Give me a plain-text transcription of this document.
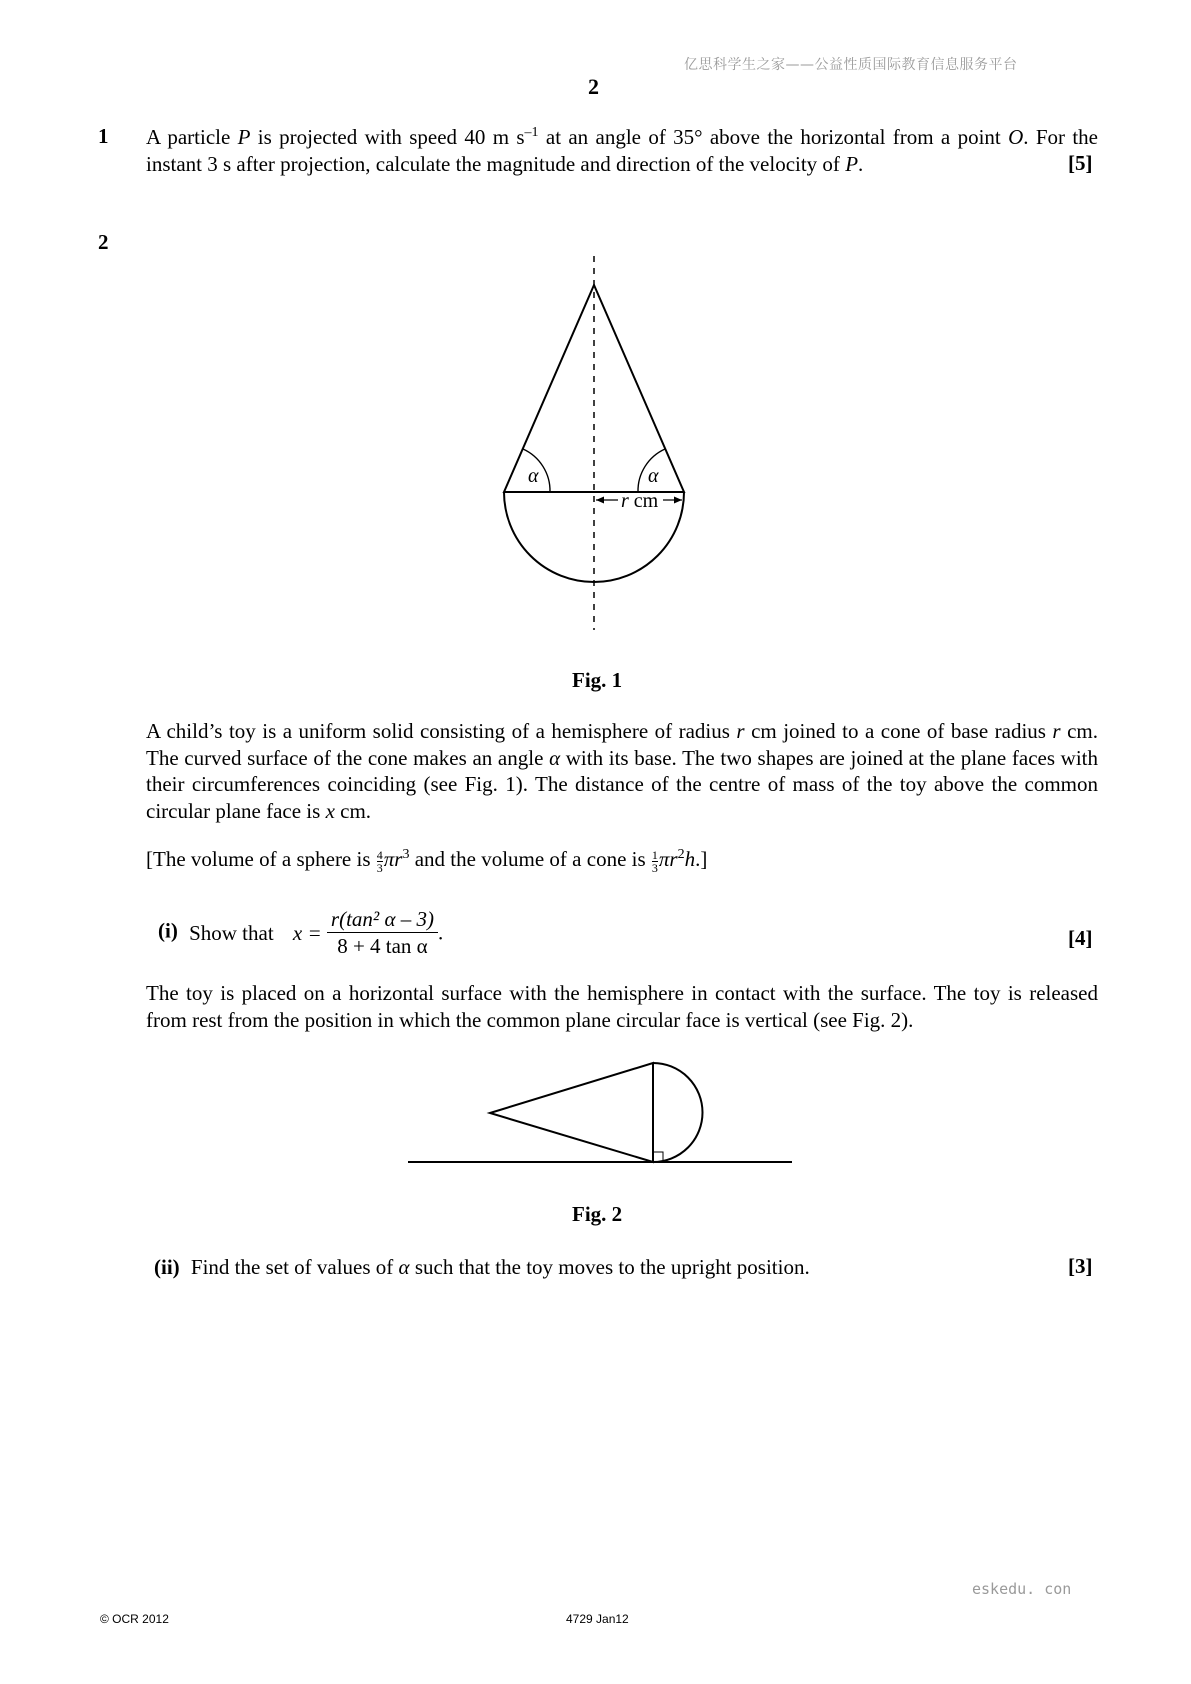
亿思科学生之家——公益性质国际教育信息服务平台
2
1 A particle P is projected with speed 40 m $s^{-1}$ at an angle of 35° above the horizontal from a point O. For the
instant 3 s after projection, calculate the magnitude and direction of the velocity of P.	[5]
2
α	α
r cm
Fig. 1
A child’s toy is a uniform solid consisting of a hemisphere of radius r cm joined to a cone of base radius r cm. The curved surface of the cone makes an angle α with its base. The two shapes are joined at the plane faces with their circumferences coinciding (see Fig. 1). The distance of the centre of mass of the toy above the common circular plane face is x cm.
[The volume of a sphere is $\frac{4}{3} \pi r^3$ and the volume of a cone is $\frac{1}{3} \pi r^2h$.]
(i) Show that $x = \frac{\text{r(tan² α – 3)}}{\text{8 + 4 tan α}}$ .	[4]
The toy is placed on a horizontal surface with the hemisphere in contact with the surface. The toy is released from rest from the position in which the common plane circular face is vertical (see Fig. 2).
Fig. 2
(ii) Find the set of values of α such that the toy moves to the upright position.	[3]
eskedu. con
© OCR 2012	4729 Jan12
